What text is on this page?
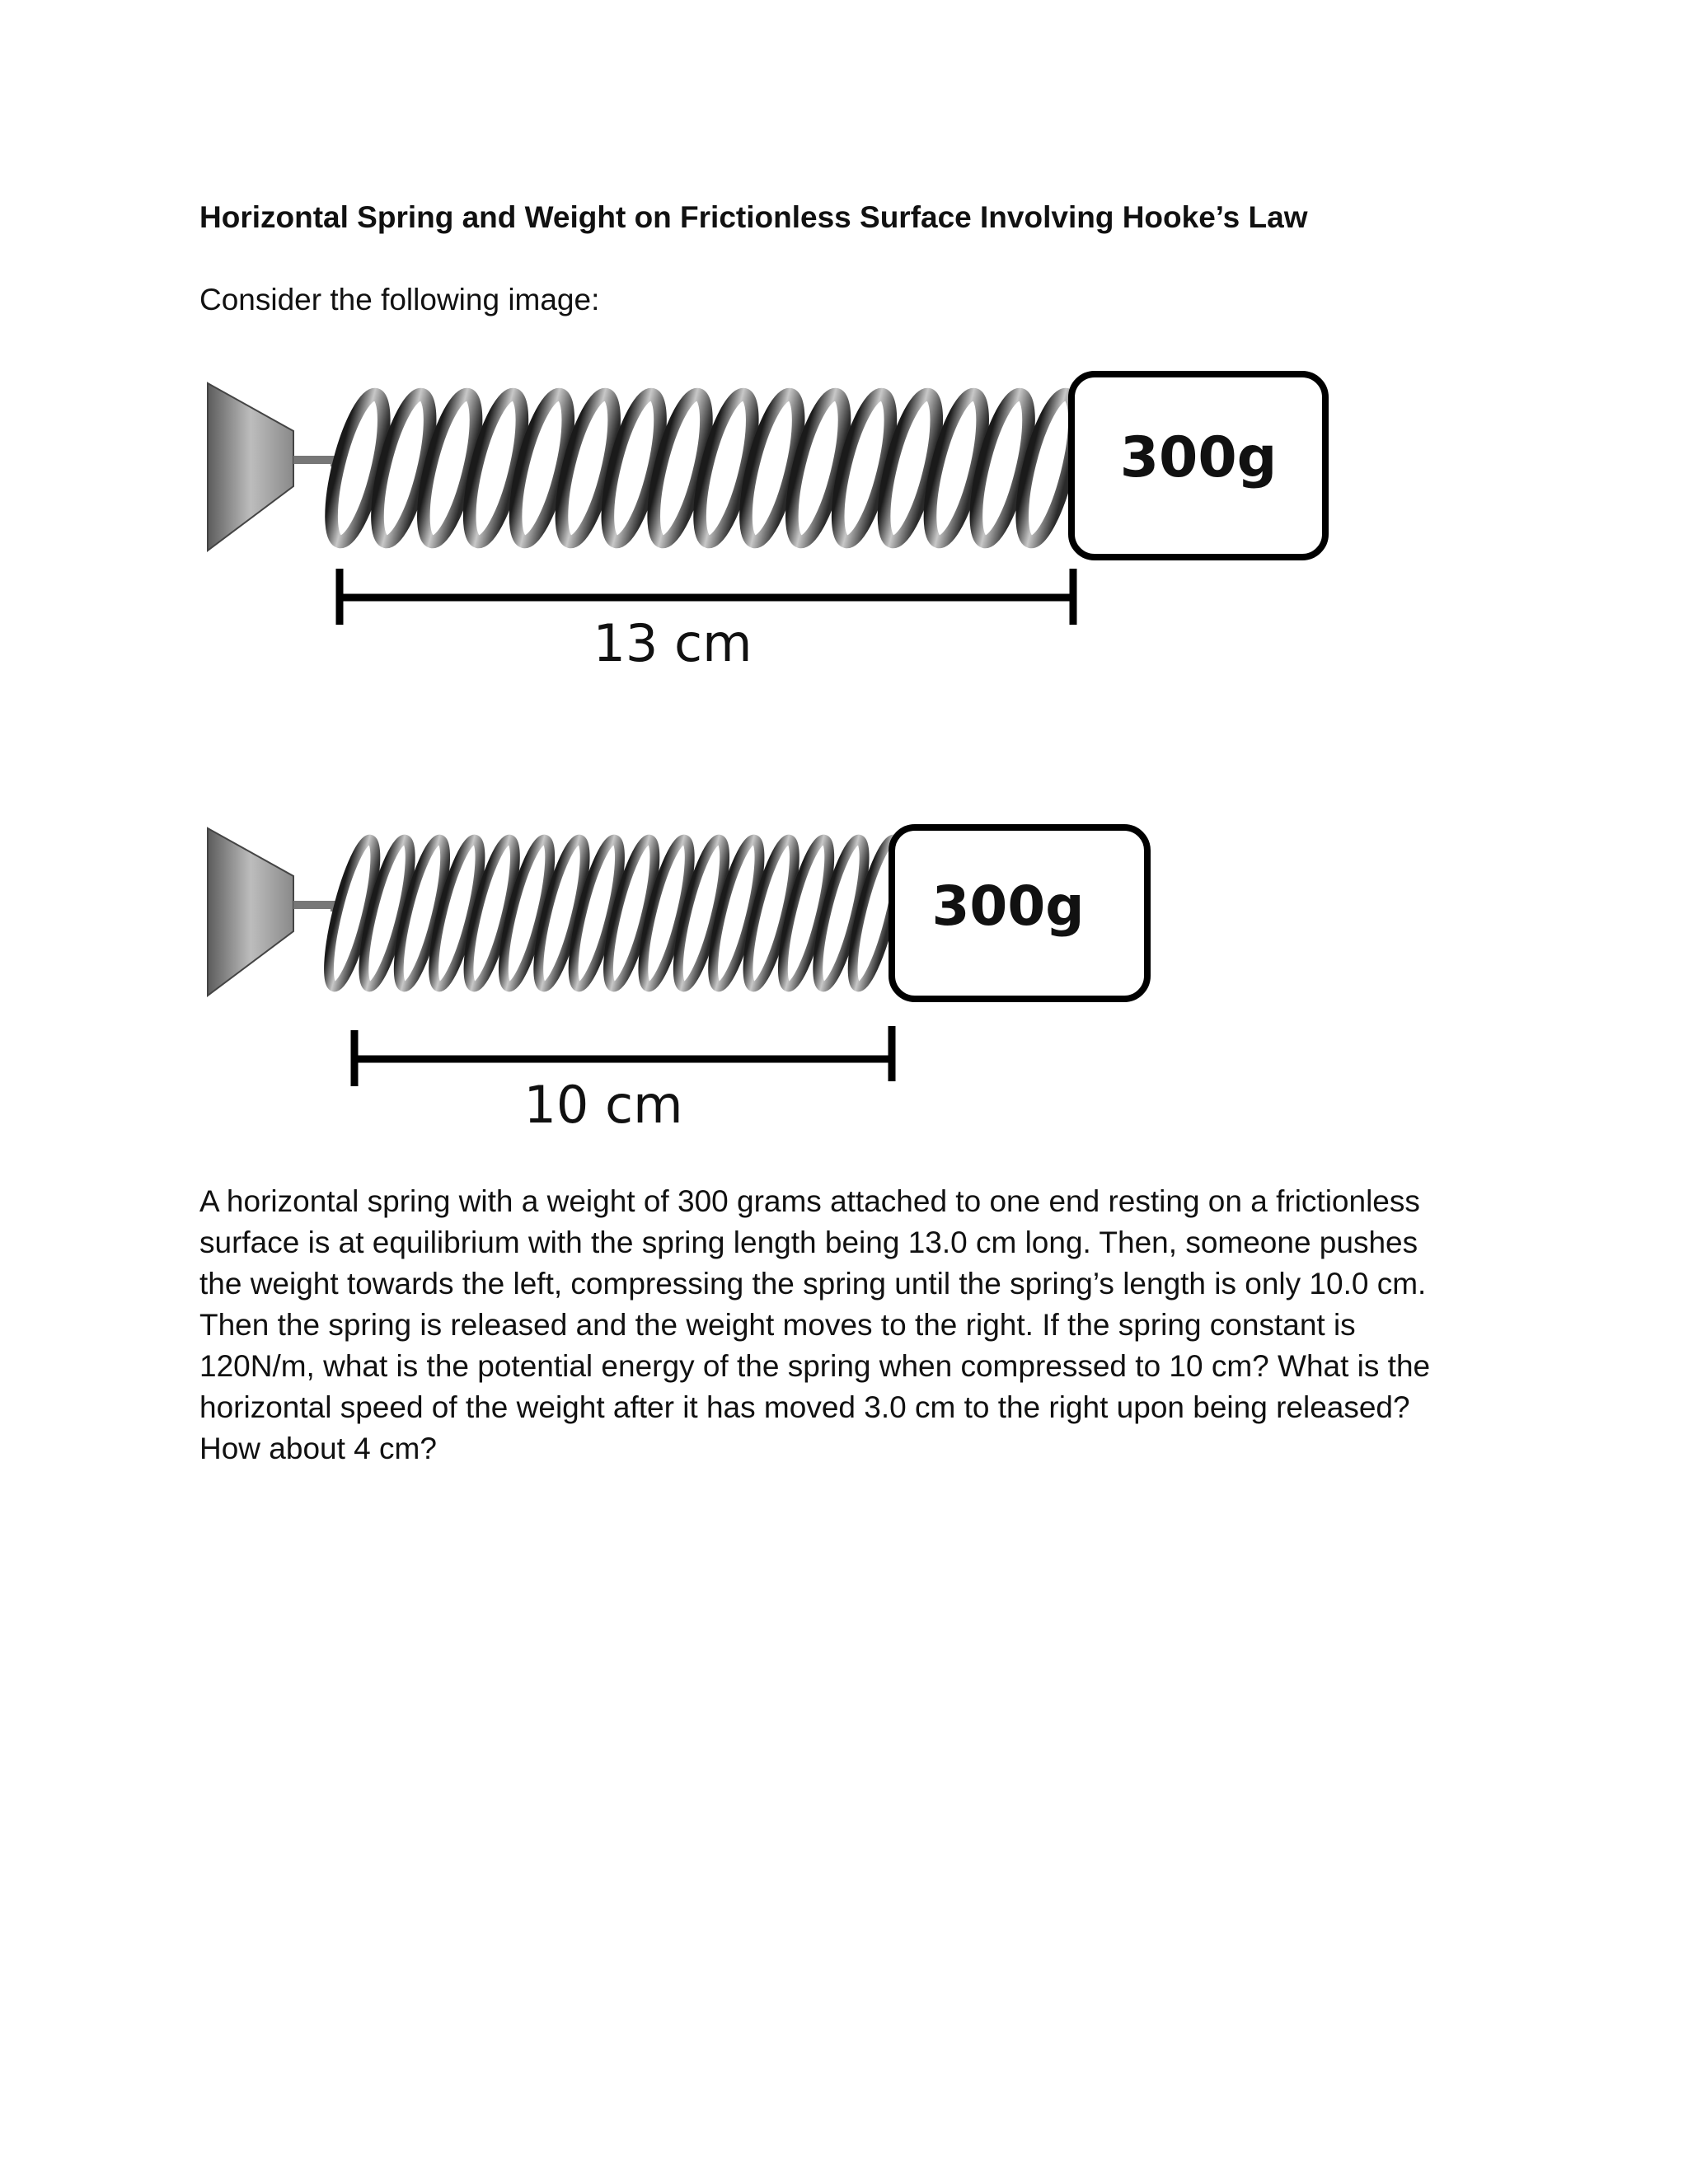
Horizontal Spring and Weight on Frictionless Surface Involving Hooke’s Law

Consider the following image:

300g
13 cm
300g
10 cm
A horizontal spring with a weight of 300 grams attached to one end resting on a frictionless
surface is at equilibrium with the spring length being 13.0 cm long. Then, someone pushes
the weight towards the left, compressing the spring until the spring’s length is only 10.0 cm.
Then the spring is released and the weight moves to the right. If the spring constant is
120N/m, what is the potential energy of the spring when compressed to 10 cm? What is the
horizontal speed of the weight after it has moved 3.0 cm to the right upon being released?
How about 4 cm?
